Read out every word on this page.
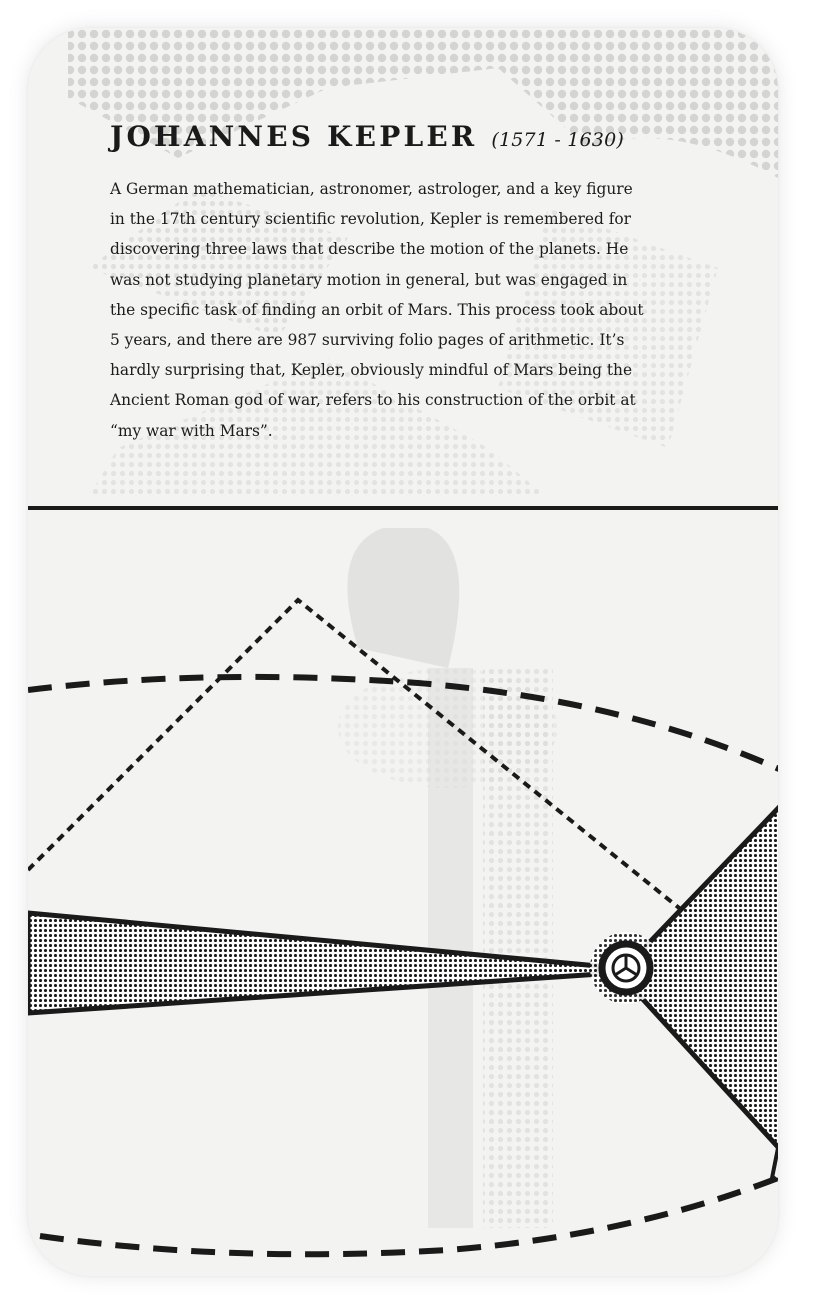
JOHANNES KEPLER (1571 - 1630)

A German mathematician, astronomer, astrologer, and a key figure
in the 17th century scientific revolution, Kepler is remembered for
discovering three laws that describe the motion of the planets. He
was not studying planetary motion in general, but was engaged in
the specific task of finding an orbit of Mars. This process took about
5 years, and there are 987 surviving folio pages of arithmetic. It’s
hardly surprising that, Kepler, obviously mindful of Mars being the
Ancient Roman god of war, refers to his construction of the orbit at
“my war with Mars”.
